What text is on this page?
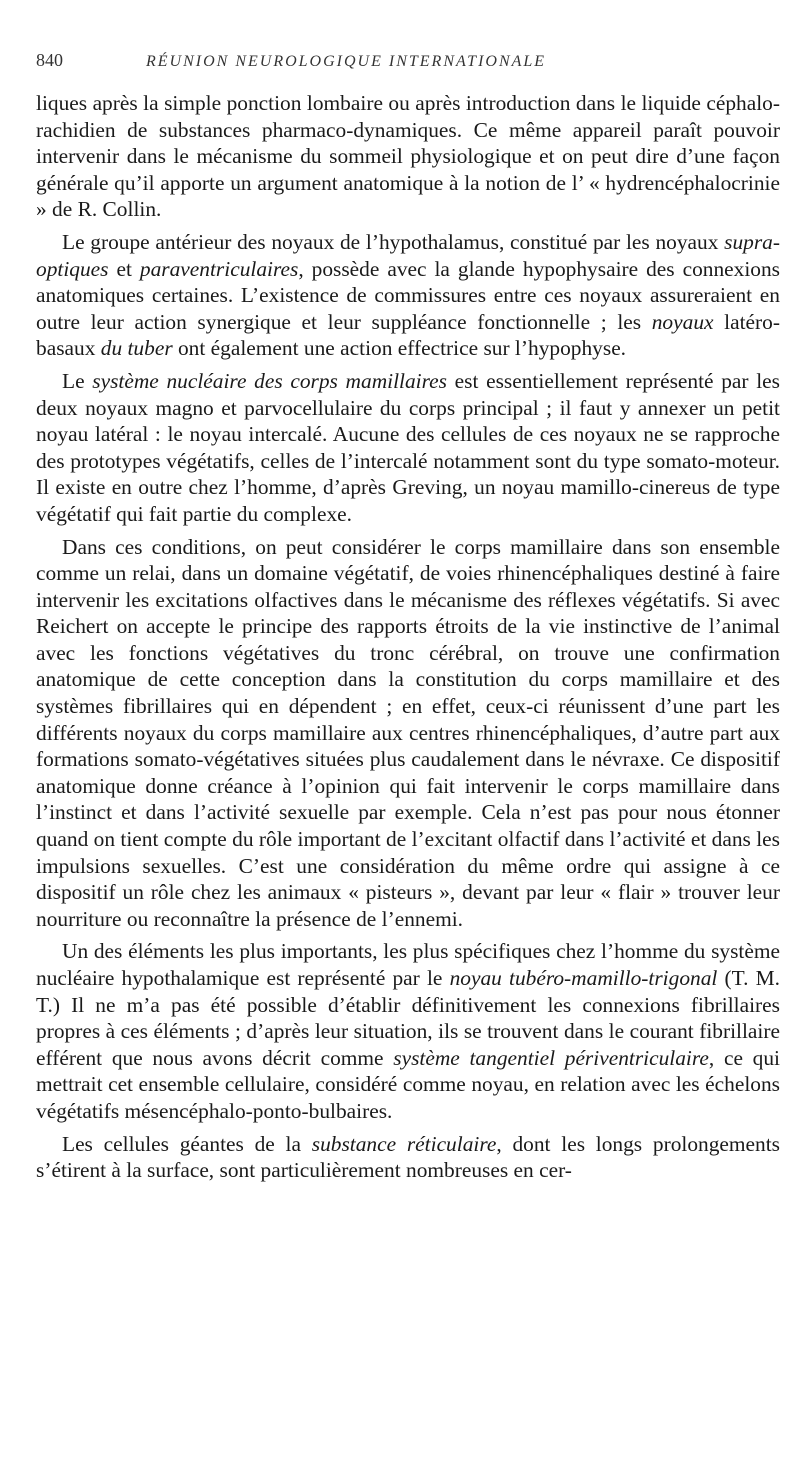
840	RÉUNION NEUROLOGIQUE INTERNATIONALE

liques après la simple ponction lombaire ou après introduction dans le liquide céphalo-rachidien de substances pharmaco-dynamiques. Ce même appareil paraît pouvoir intervenir dans le mécanisme du sommeil physiologique et on peut dire d’une façon générale qu’il apporte un argument anatomique à la notion de l’ « hydrencéphalocrinie » de R. Collin.

Le groupe antérieur des noyaux de l’hypothalamus, constitué par les noyaux supra-optiques et paraventriculaires, possède avec la glande hypophysaire des connexions anatomiques certaines. L’existence de commissures entre ces noyaux assureraient en outre leur action synergique et leur suppléance fonctionnelle ; les noyaux latéro-basaux du tuber ont également une action effectrice sur l’hypophyse.

Le système nucléaire des corps mamillaires est essentiellement représenté par les deux noyaux magno et parvocellulaire du corps principal ; il faut y annexer un petit noyau latéral : le noyau intercalé. Aucune des cellules de ces noyaux ne se rapproche des prototypes végétatifs, celles de l’intercalé notamment sont du type somato-moteur. Il existe en outre chez l’homme, d’après Greving, un noyau mamillo-cinereus de type végétatif qui fait partie du complexe.

Dans ces conditions, on peut considérer le corps mamillaire dans son ensemble comme un relai, dans un domaine végétatif, de voies rhinencéphaliques destiné à faire intervenir les excitations olfactives dans le mécanisme des réflexes végétatifs. Si avec Reichert on accepte le principe des rapports étroits de la vie instinctive de l’animal avec les fonctions végétatives du tronc cérébral, on trouve une confirmation anatomique de cette conception dans la constitution du corps mamillaire et des systèmes fibrillaires qui en dépendent ; en effet, ceux-ci réunissent d’une part les différents noyaux du corps mamillaire aux centres rhinencéphaliques, d’autre part aux formations somato-végétatives situées plus caudalement dans le névraxe. Ce dispositif anatomique donne créance à l’opinion qui fait intervenir le corps mamillaire dans l’instinct et dans l’activité sexuelle par exemple. Cela n’est pas pour nous étonner quand on tient compte du rôle important de l’excitant olfactif dans l’activité et dans les impulsions sexuelles. C’est une considération du même ordre qui assigne à ce dispositif un rôle chez les animaux « pisteurs », devant par leur « flair » trouver leur nourriture ou reconnaître la présence de l’ennemi.

Un des éléments les plus importants, les plus spécifiques chez l’homme du système nucléaire hypothalamique est représenté par le noyau tubéro-mamillo-trigonal (T. M. T.) Il ne m’a pas été possible d’établir définitivement les connexions fibrillaires propres à ces éléments ; d’après leur situation, ils se trouvent dans le courant fibrillaire efférent que nous avons décrit comme système tangentiel périventriculaire, ce qui mettrait cet ensemble cellulaire, considéré comme noyau, en relation avec les échelons végétatifs mésencéphalo-ponto-bulbaires.

Les cellules géantes de la substance réticulaire, dont les longs prolongements s’étirent à la surface, sont particulièrement nombreuses en cer-
